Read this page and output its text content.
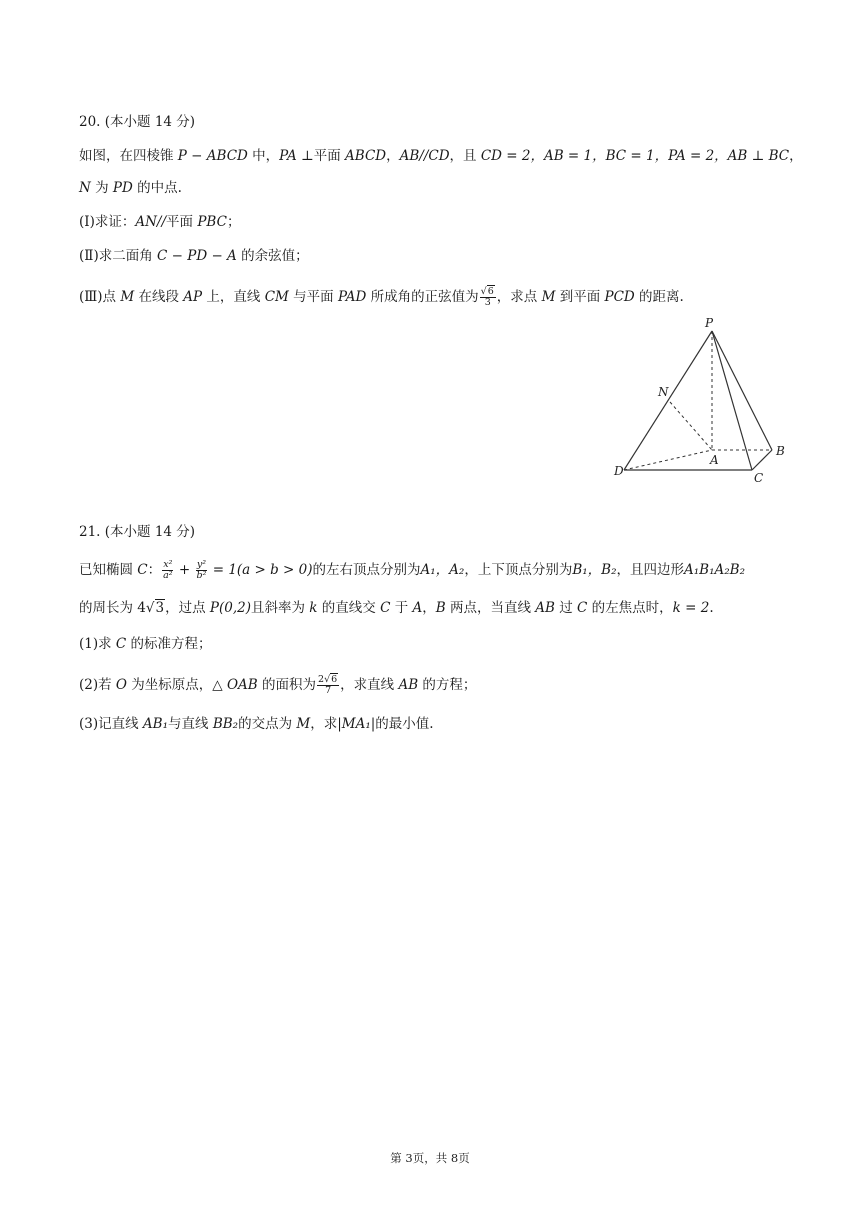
20. (本小题 14 分)
如图，在四棱锥 P − ABCD 中，PA ⊥平面 ABCD，AB//CD，且 CD = 2，AB = 1，BC = 1，PA = 2，AB ⊥ BC，
N 为 PD 的中点.
(Ⅰ)求证：AN//平面 PBC；
(Ⅱ)求二面角 C − PD − A 的余弦值；
(Ⅲ)点 M 在线段 AP 上，直线 CM 与平面 PAD 所成角的正弦值为 $\frac{√6}{3}$ ，求点 M 到平面 PCD 的距离.
P
N
A
B
C
D
21. (本小题 14 分)
已知椭圆 C： $\frac{\text{x²}}{\text{a²}} + \frac{\text{y²}}{\text{b²}} = 1(a > b > 0)$的左右顶点分别为A₁，A₂，上下顶点分别为B₁，B₂，且四边形A₁B₁A₂B₂
的周长为 4√3，过点 P(0,2)且斜率为 k 的直线交 C 于 A，B 两点，当直线 AB 过 C 的左焦点时，k = 2.
(1)求 C 的标准方程；
(2)若 O 为坐标原点，△ OAB 的面积为 $\frac{2√6}{7}$ ，求直线 AB 的方程；
(3)记直线 AB₁与直线 BB₂的交点为 M，求|MA₁|的最小值.
第 3页，共 8页
